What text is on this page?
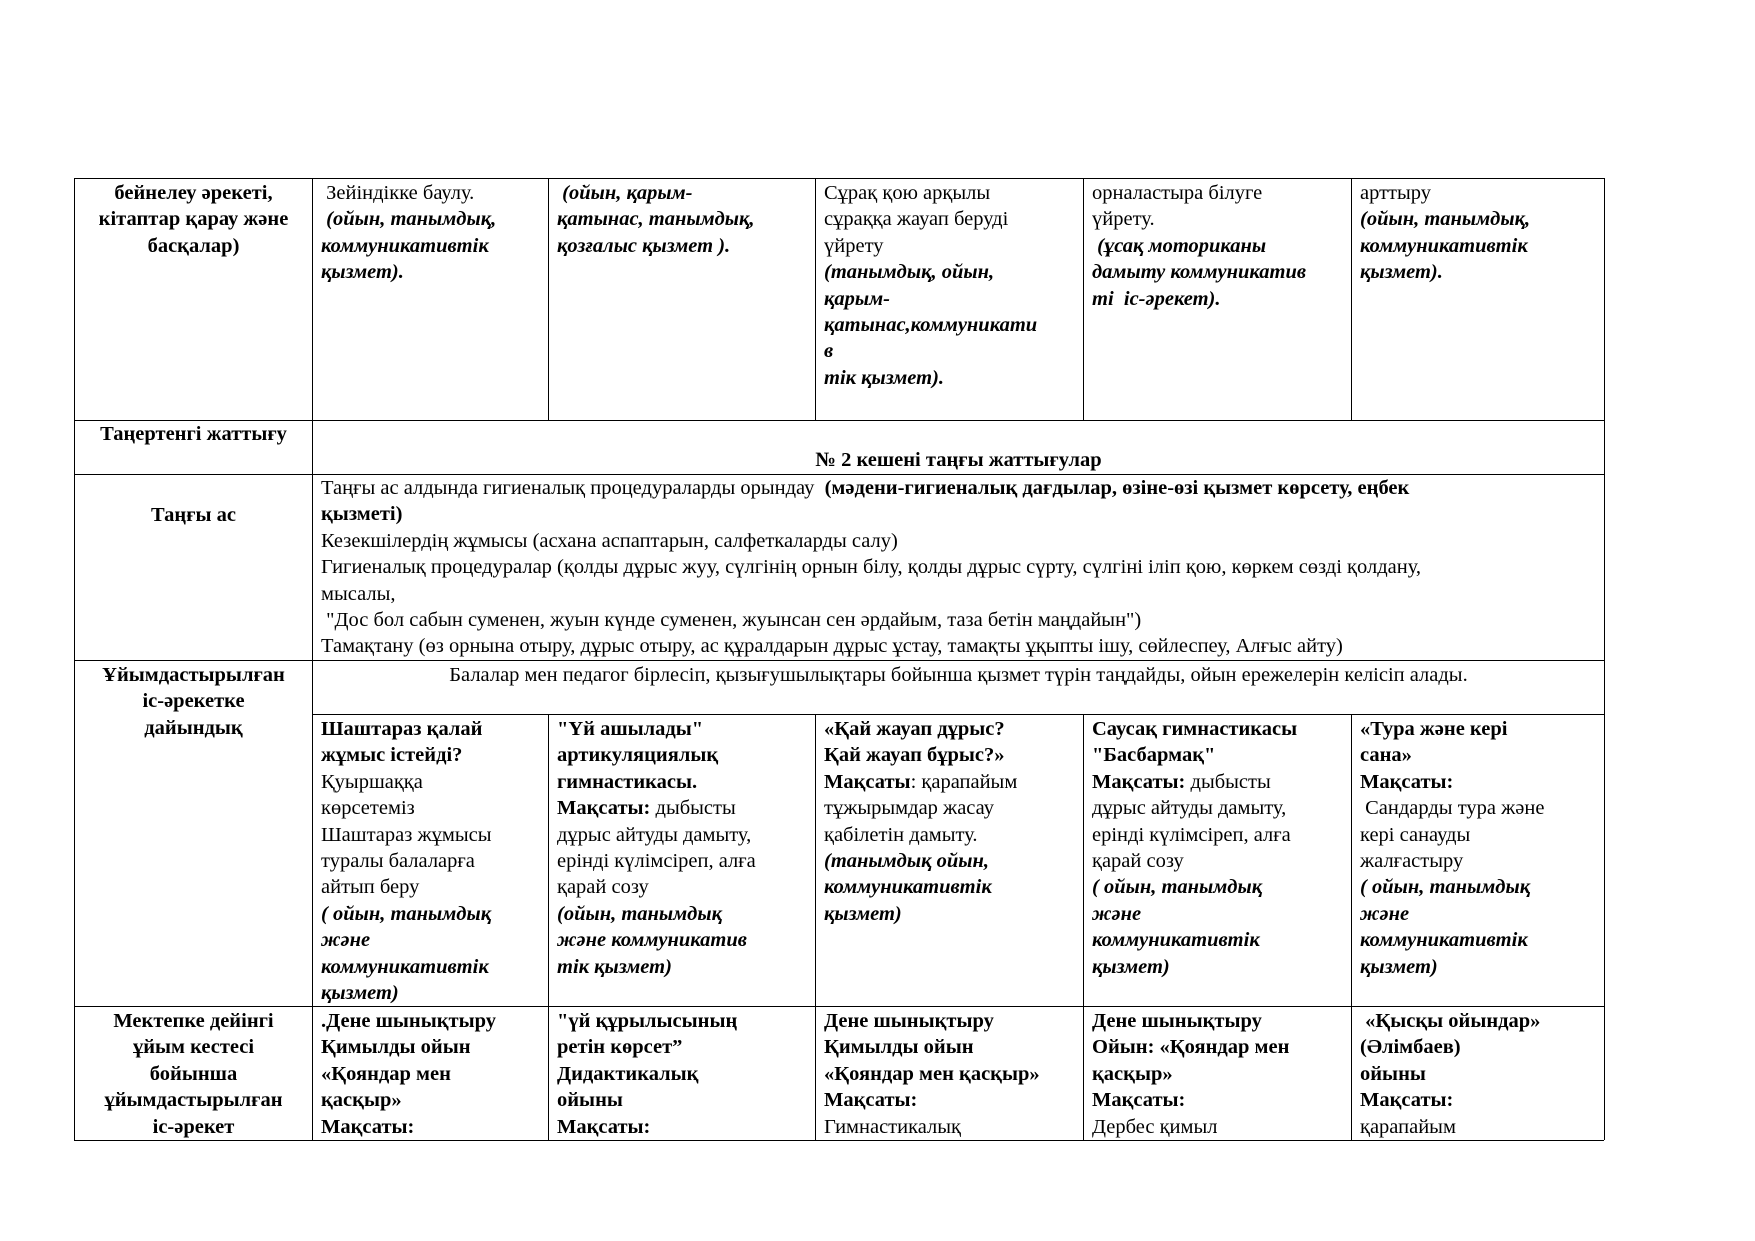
бейнелеу әрекеті,
кітаптар қарау және
басқалар)
Зейіндікке баулу.
(ойын, танымдық,
коммуникативтік
қызмет).
(ойын, қарым-
қатынас, танымдық,
қозғалыс қызмет ).
Сұрақ қою арқылы
сұраққа жауап беруді
үйрету
(танымдық, ойын,
қарым-
қатынас,коммуникати
в
тік қызмет).
орналастыра білуге
үйрету.
(ұсақ моториканы
дамыту коммуникатив
ті  іс-әрекет).
арттыру
(ойын, танымдық,
коммуникативтік
қызмет).
Таңертенгі жаттығу
№ 2 кешені таңғы жаттығулар
Таңғы ас
Таңғы ас алдында гигиеналық процедураларды орындау  (мәдени-гигиеналық дағдылар, өзіне-өзі қызмет көрсету, еңбек
қызметі)
Кезекшілердің жұмысы (асхана аспаптарын, салфеткаларды салу)
Гигиеналық процедуралар (қолды дұрыс жуу, сүлгінің орнын білу, қолды дұрыс сүрту, сүлгіні іліп қою, көркем сөзді қолдану,
мысалы,
"Дос бол сабын суменен, жуын күнде суменен, жуынсан сен әрдайым, таза бетін маңдайын")
Тамақтану (өз орнына отыру, дұрыс отыру, ас құралдарын дұрыс ұстау, тамақты ұқыпты ішу, сөйлеспеу, Алғыс айту)
Ұйымдастырылған
іс-әрекетке
дайындық
Балалар мен педагог бірлесіп, қызығушылықтары бойынша қызмет түрін таңдайды, ойын ережелерін келісіп алады.
Шаштараз қалай
жұмыс істейді?
Қуыршаққа
көрсетеміз
Шаштараз жұмысы
туралы балаларға
айтып беру
( ойын, танымдық
және
коммуникативтік
қызмет)
"Үй ашылады"
артикуляциялық
гимнастикасы.
Мақсаты: дыбысты
дұрыс айтуды дамыту,
ерінді күлімсіреп, алға
қарай созу
(ойын, танымдық
және коммуникатив
тік қызмет)
«Қай жауап дұрыс?
Қай жауап бұрыс?»
Мақсаты: қарапайым
тұжырымдар жасау
қабілетін дамыту.
(танымдық ойын,
коммуникативтік
қызмет)
Саусақ гимнастикасы
"Басбармақ"
Мақсаты: дыбысты
дұрыс айтуды дамыту,
ерінді күлімсіреп, алға
қарай созу
( ойын, танымдық
және
коммуникативтік
қызмет)
«Тура және кері
сана»
Мақсаты:
Сандарды тура және
кері санауды
жалғастыру
( ойын, танымдық
және
коммуникативтік
қызмет)
Мектепке дейінгі
ұйым кестесі
бойынша
ұйымдастырылған
іс-әрекет
.Дене шынықтыру
Қимылды ойын
«Қояндар мен
қасқыр»
Мақсаты:
"үй құрылысының
ретін көрсет”
Дидактикалық
ойыны
Мақсаты:
Дене шынықтыру
Қимылды ойын
«Қояндар мен қасқыр»
Мақсаты:
Гимнастикалық
Дене шынықтыру
Ойын: «Қояндар мен
қасқыр»
Мақсаты:
Дербес қимыл
«Қысқы ойындар»
(Әлімбаев)
ойыны
Мақсаты:
қарапайым
